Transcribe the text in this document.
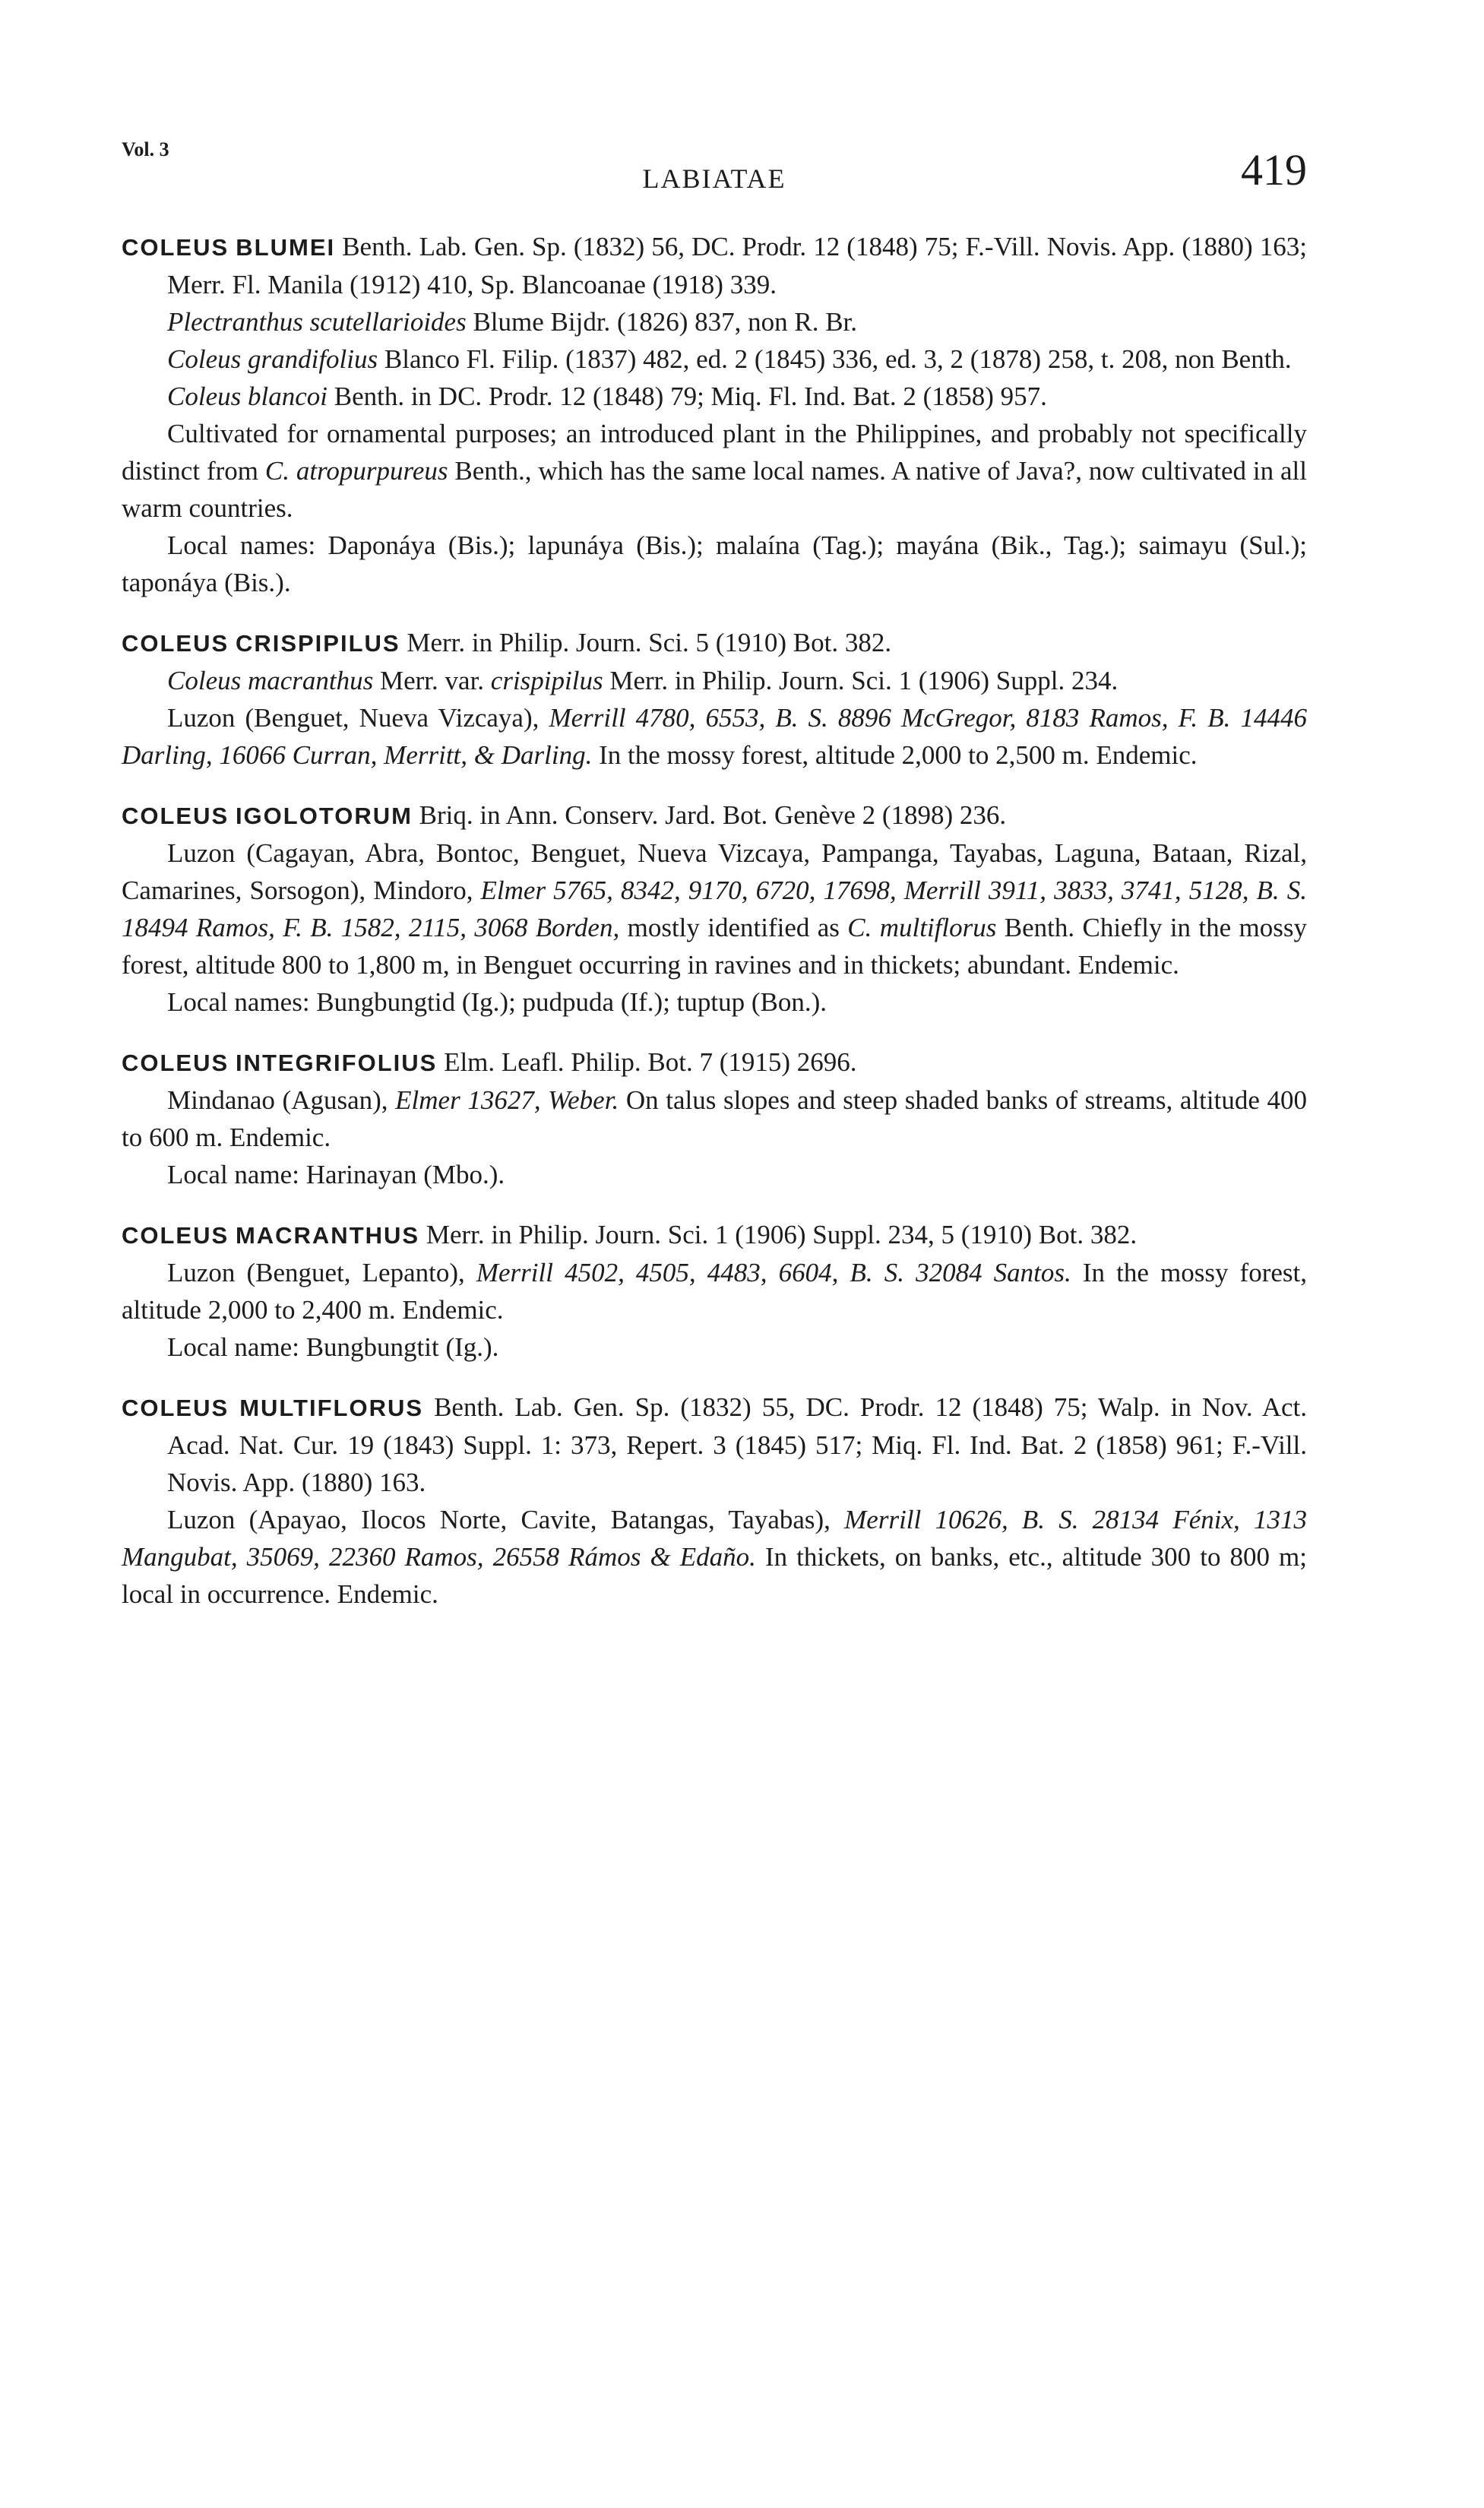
Vol. 3
LABIATAE	419

COLEUS BLUMEI Benth. Lab. Gen. Sp. (1832) 56, DC. Prodr. 12 (1848) 75; F.-Vill. Novis. App. (1880) 163; Merr. Fl. Manila (1912) 410, Sp. Blancoanae (1918) 339.

Plectranthus scutellarioides Blume Bijdr. (1826) 837, non R. Br.

Coleus grandifolius Blanco Fl. Filip. (1837) 482, ed. 2 (1845) 336, ed. 3, 2 (1878) 258, t. 208, non Benth.

Coleus blancoi Benth. in DC. Prodr. 12 (1848) 79; Miq. Fl. Ind. Bat. 2 (1858) 957.

Cultivated for ornamental purposes; an introduced plant in the Philippines, and probably not specifically distinct from C. atropurpureus Benth., which has the same local names. A native of Java?, now cultivated in all warm countries.

Local names: Daponáya (Bis.); lapunáya (Bis.); malaína (Tag.); mayána (Bik., Tag.); saimayu (Sul.); taponáya (Bis.).

COLEUS CRISPIPILUS Merr. in Philip. Journ. Sci. 5 (1910) Bot. 382.

Coleus macranthus Merr. var. crispipilus Merr. in Philip. Journ. Sci. 1 (1906) Suppl. 234.

Luzon (Benguet, Nueva Vizcaya), Merrill 4780, 6553, B. S. 8896 McGregor, 8183 Ramos, F. B. 14446 Darling, 16066 Curran, Merritt, & Darling. In the mossy forest, altitude 2,000 to 2,500 m. Endemic.

COLEUS IGOLOTORUM Briq. in Ann. Conserv. Jard. Bot. Genève 2 (1898) 236.

Luzon (Cagayan, Abra, Bontoc, Benguet, Nueva Vizcaya, Pampanga, Tayabas, Laguna, Bataan, Rizal, Camarines, Sorsogon), Mindoro, Elmer 5765, 8342, 9170, 6720, 17698, Merrill 3911, 3833, 3741, 5128, B. S. 18494 Ramos, F. B. 1582, 2115, 3068 Borden, mostly identified as C. multiflorus Benth. Chiefly in the mossy forest, altitude 800 to 1,800 m, in Benguet occurring in ravines and in thickets; abundant. Endemic.

Local names: Bungbungtid (Ig.); pudpuda (If.); tuptup (Bon.).

COLEUS INTEGRIFOLIUS Elm. Leafl. Philip. Bot. 7 (1915) 2696.

Mindanao (Agusan), Elmer 13627, Weber. On talus slopes and steep shaded banks of streams, altitude 400 to 600 m. Endemic.

Local name: Harinayan (Mbo.).

COLEUS MACRANTHUS Merr. in Philip. Journ. Sci. 1 (1906) Suppl. 234, 5 (1910) Bot. 382.

Luzon (Benguet, Lepanto), Merrill 4502, 4505, 4483, 6604, B. S. 32084 Santos. In the mossy forest, altitude 2,000 to 2,400 m. Endemic.

Local name: Bungbungtit (Ig.).

COLEUS MULTIFLORUS Benth. Lab. Gen. Sp. (1832) 55, DC. Prodr. 12 (1848) 75; Walp. in Nov. Act. Acad. Nat. Cur. 19 (1843) Suppl. 1: 373, Repert. 3 (1845) 517; Miq. Fl. Ind. Bat. 2 (1858) 961; F.-Vill. Novis. App. (1880) 163.

Luzon (Apayao, Ilocos Norte, Cavite, Batangas, Tayabas), Merrill 10626, B. S. 28134 Fénix, 1313 Mangubat, 35069, 22360 Ramos, 26558 Rámos & Edaño. In thickets, on banks, etc., altitude 300 to 800 m; local in occurrence. Endemic.
